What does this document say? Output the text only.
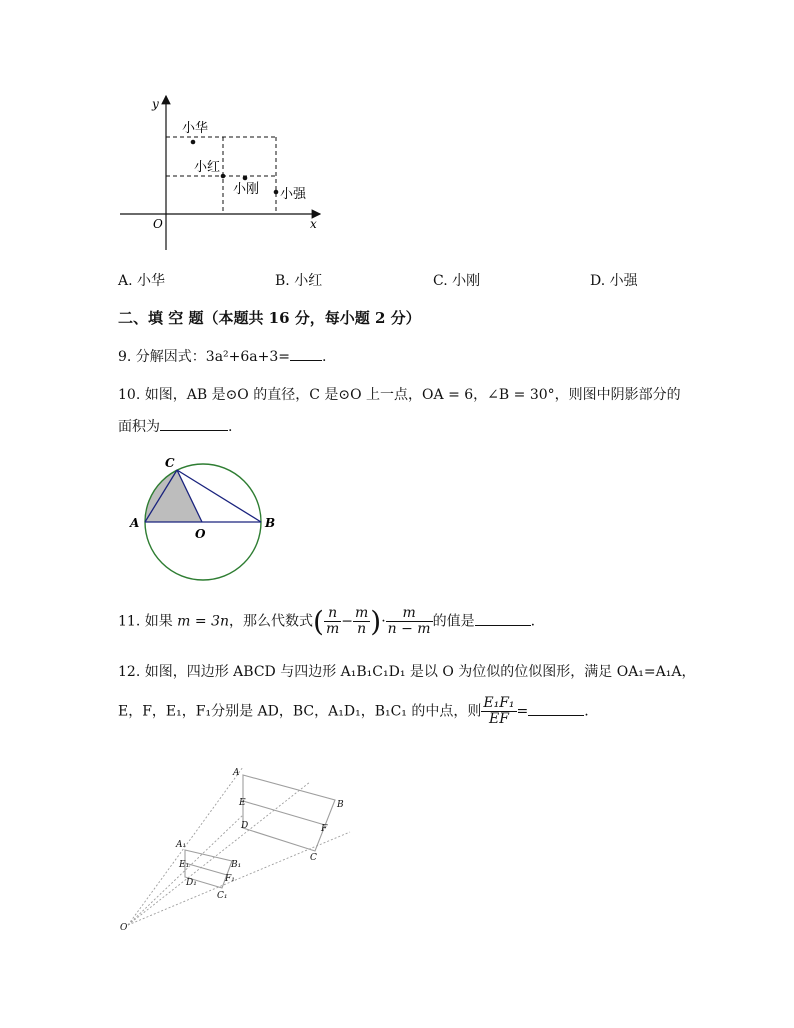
y
x
O
小华
小红
小刚 小强
A. 小华	B. 小红	C. 小刚	D. 小强
二、填 空 题（本题共 16 分，每小题 2 分）
9. 分解因式：3a²+6a+3= .
10. 如图，AB 是⊙O 的直径，C 是⊙O 上一点，OA = 6，∠B = 30°，则图中阴影部分的
面积为	.
A	B
C
O
11. 如果 m = 3n，那么代数式( $\frac{n}{m} - \frac{m}{n}$ )· $\frac{m}{n - m}$ 的值是	.
12. 如图，四边形 ABCD 与四边形 A₁B₁C₁D₁ 是以 O 为位似的位似图形，满足 OA₁=A₁A，
E，F，E₁，F₁分别是 AD，BC，A₁D₁，B₁C₁ 的中点，则 $\frac{\text{E₁F₁}}{EF}$ =	.
A
B
C
D
E
F
A₁
B₁
C₁
D₁
E₁
F₁
O
